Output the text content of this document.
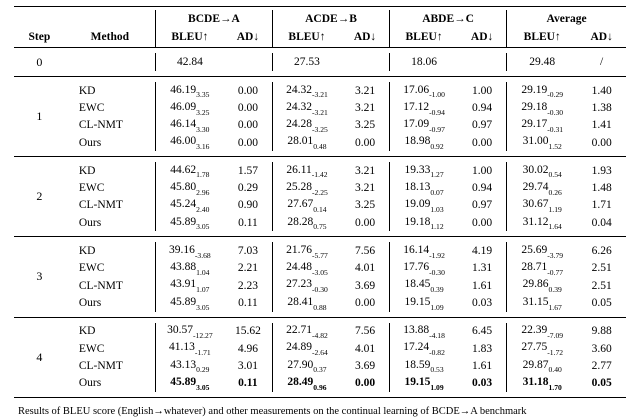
		BCDE→A		ACDE→B		ABDE→C		Average	
Step	Method	BLEU↑	AD↓	BLEU↑	AD↓	BLEU↑	AD↓	BLEU↑	AD↓

0		42.84		27.53		18.06		29.48	/

1	KD	$46.19_{3.35}$	0.00	$24.32_{-3.21}$	3.21	$17.06_{-1.00}$	1.00	$29.19_{-0.29}$	1.40
	EWC	$46.09_{3.25}$	0.00	$24.32_{-3.21}$	3.21	$17.12_{-0.94}$	0.94	$29.18_{-0.30}$	1.38
	CL-NMT	$46.14_{3.30}$	0.00	$24.28_{-3.25}$	3.25	$17.09_{-0.97}$	0.97	$29.17_{-0.31}$	1.41
	Ours	$46.00_{3.16}$	0.00	$28.01_{0.48}$	0.00	$18.98_{0.92}$	0.00	$31.00_{1.52}$	0.00

2	KD	$44.62_{1.78}$	1.57	$26.11_{-1.42}$	3.21	$19.33_{1.27}$	1.00	$30.02_{0.54}$	1.93
	EWC	$45.80_{2.96}$	0.29	$25.28_{-2.25}$	3.21	$18.13_{0.07}$	0.94	$29.74_{0.26}$	1.48
	CL-NMT	$45.24_{2.40}$	0.90	$27.67_{0.14}$	3.25	$19.09_{1.03}$	0.97	$30.67_{1.19}$	1.71
	Ours	$45.89_{3.05}$	0.11	$28.28_{0.75}$	0.00	$19.18_{1.12}$	0.00	$31.12_{1.64}$	0.04

3	KD	$39.16_{-3.68}$	7.03	$21.76_{-5.77}$	7.56	$16.14_{-1.92}$	4.19	$25.69_{-3.79}$	6.26
	EWC	$43.88_{1.04}$	2.21	$24.48_{-3.05}$	4.01	$17.76_{-0.30}$	1.31	$28.71_{-0.77}$	2.51
	CL-NMT	$43.91_{1.07}$	2.23	$27.23_{-0.30}$	3.69	$18.45_{0.39}$	1.61	$29.86_{0.39}$	2.51
	Ours	$45.89_{3.05}$	0.11	$28.41_{0.88}$	0.00	$19.15_{1.09}$	0.03	$31.15_{1.67}$	0.05

4	KD	$30.57_{-12.27}$	15.62	$22.71_{-4.82}$	7.56	$13.88_{-4.18}$	6.45	$22.39_{-7.09}$	9.88
	EWC	$41.13_{-1.71}$	4.96	$24.89_{-2.64}$	4.01	$17.24_{-0.82}$	1.83	$27.75_{-1.72}$	3.60
	CL-NMT	$43.13_{0.29}$	3.01	$27.90_{0.37}$	3.69	$18.59_{0.53}$	1.61	$29.87_{0.40}$	2.77
	Ours	$45.89_{3.05}$	0.11	$28.49_{0.96}$	0.00	$19.15_{1.09}$	0.03	$31.18_{1.70}$	0.05

Results of BLEU score (English→whatever) and other measurements on the continual learning of BCDE→A benchmark
